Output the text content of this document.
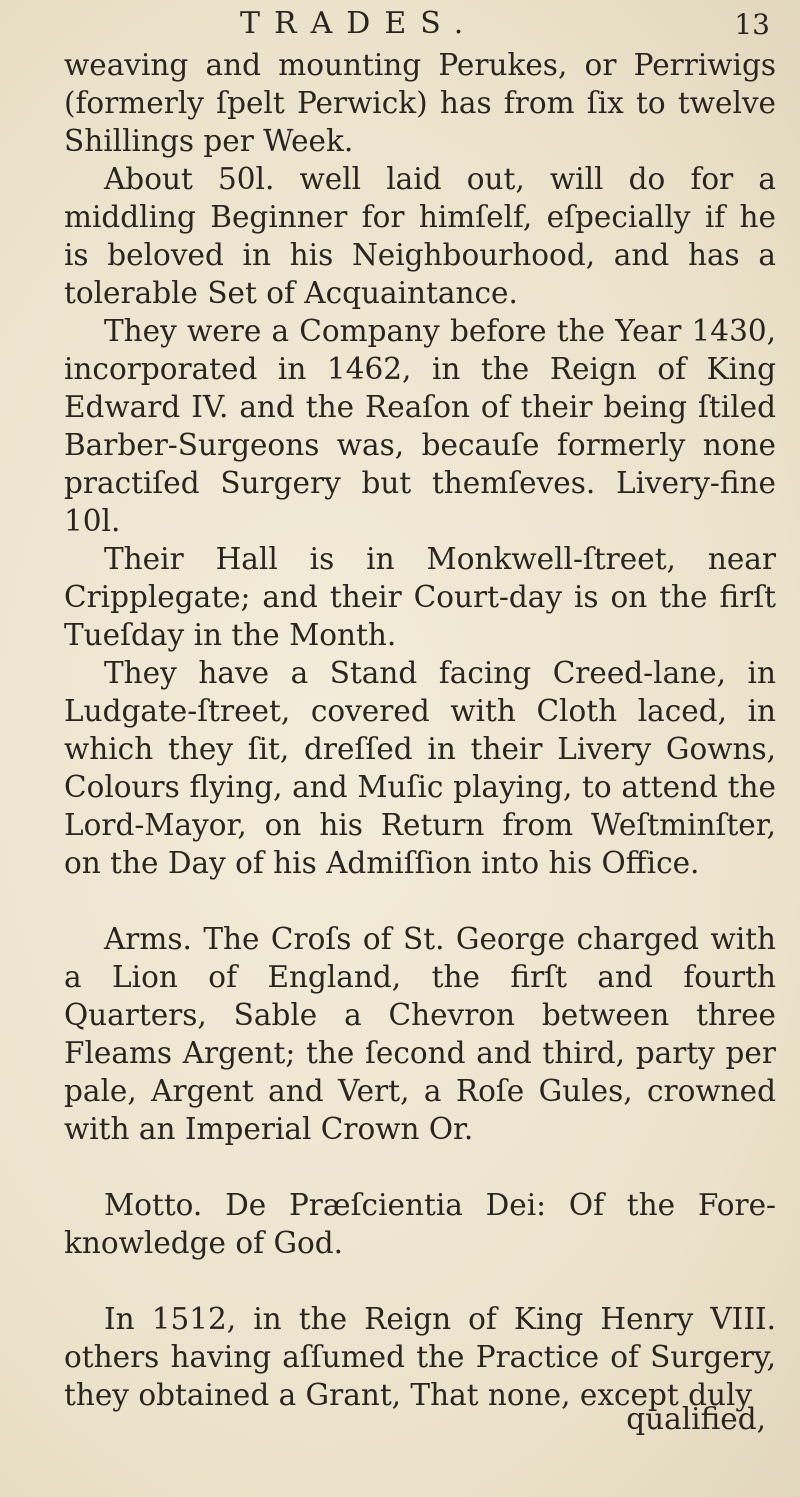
TRADES.	13

weaving and mounting Perukes, or Perriwigs (formerly ſpelt Perwick) has from ſix to twelve Shillings per Week.

About 50l. well laid out, will do for a middling Beginner for himſelf, eſpecially if he is beloved in his Neighbourhood, and has a tolerable Set of Acquaintance.

They were a Company before the Year 1430, incorporated in 1462, in the Reign of King Edward IV. and the Reaſon of their being ſtiled Barber-Surgeons was, becauſe formerly none practiſed Surgery but themſeves. Livery-fine 10l.

Their Hall is in Monkwell-ſtreet, near Cripplegate; and their Court-day is on the firſt Tueſday in the Month.

They have a Stand facing Creed-lane, in Ludgate-ſtreet, covered with Cloth laced, in which they ſit, dreſſed in their Livery Gowns, Colours flying, and Muſic playing, to attend the Lord-Mayor, on his Return from Weſtminſter, on the Day of his Admiſſion into his Office.

Arms. The Croſs of St. George charged with a Lion of England, the firſt and fourth Quarters, Sable a Chevron between three Fleams Argent; the ſecond and third, party per pale, Argent and Vert, a Roſe Gules, crowned with an Imperial Crown Or.

Motto. De Præſcientia Dei: Of the Fore-knowledge of God.

In 1512, in the Reign of King Henry VIII. others having aſſumed the Practice of Surgery, they obtained a Grant, That none, except duly

qualified,
